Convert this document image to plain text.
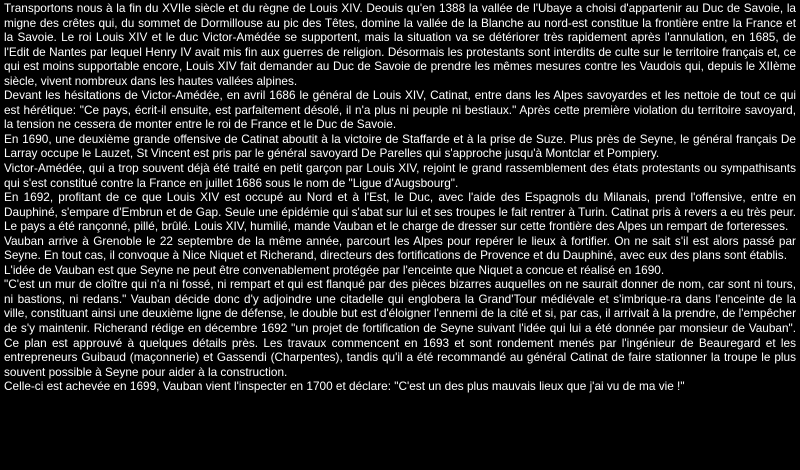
Transportons nous à la fin du XVIIe siècle et du règne de Louis XIV. Deouis qu'en 1388 la vallée de l'Ubaye a choisi d'appartenir au Duc de Savoie, la migne des crêtes qui, du sommet de Dormillouse au pic des Têtes, domine la vallée de la Blanche au nord-est constitue la frontière entre la France et la Savoie. Le roi Louis XIV et le duc Victor-Amédée se supportent, mais la situation va se détériorer très rapidement après l'annulation, en 1685, de l'Edit de Nantes par lequel Henry IV avait mis fin aux guerres de religion. Désormais les protestants sont interdits de culte sur le territoire français et, ce qui est moins supportable encore, Louis XIV fait demander au Duc de Savoie de prendre les mêmes mesures contre les Vaudois qui, depuis le XIIème siècle, vivent nombreux dans les hautes vallées alpines.

Devant les hésitations de Victor-Amédée, en avril 1686 le général de Louis XIV, Catinat, entre dans les Alpes savoyardes et les nettoie de tout ce qui est hérétique: "Ce pays, écrit-il ensuite, est parfaitement désolé, il n'a plus ni peuple ni bestiaux." Après cette première violation du territoire savoyard, la tension ne cessera de monter entre le roi de France et le Duc de Savoie.

En 1690, une deuxième grande offensive de Catinat aboutit à la victoire de Staffarde et à la prise de Suze. Plus près de Seyne, le général français De Larray occupe le Lauzet, St Vincent est pris par le général savoyard De Parelles qui s'approche jusqu'à Montclar et Pompiery.

Victor-Amédée, qui a trop souvent déjà été traité en petit garçon par Louis XIV, rejoint le grand rassemblement des états protestants ou sympathisants qui s'est constitué contre la France en juillet 1686 sous le nom de "Ligue d'Augsbourg".

En 1692, profitant de ce que Louis XIV est occupé au Nord et à l'Est, le Duc, avec l'aide des Espagnols du Milanais, prend l'offensive, entre en Dauphiné, s'empare d'Embrun et de Gap. Seule une épidémie qui s'abat sur lui et ses troupes le fait rentrer à Turin. Catinat pris à revers a eu très peur. Le pays a été rançonné, pillé, brûlé. Louis XIV, humilié, mande Vauban et le charge de dresser sur cette frontière des Alpes un rempart de forteresses.

Vauban arrive à Grenoble le 22 septembre de la même année, parcourt les Alpes pour repérer le lieux à fortifier. On ne sait s'il est alors passé par Seyne. En tout cas, il convoque à Nice Niquet et Richerand, directeurs des fortifications de Provence et du Dauphiné, avec eux des plans sont établis.

L'idée de Vauban est que Seyne ne peut être convenablement protégée par l'enceinte que Niquet a concue et réalisé en 1690.

"C'est un mur de cloître qui n'a ni fossé, ni rempart et qui est flanqué par des pièces bizarres auquelles on ne saurait donner de nom, car sont ni tours, ni bastions, ni redans." Vauban décide donc d'y adjoindre une citadelle qui englobera la Grand'Tour médiévale et s'imbrique-ra dans l'enceinte de la ville, constituant ainsi une deuxième ligne de défense, le double but est d'éloigner l'ennemi de la cité et si, par cas, il arrivait à la prendre, de l'empêcher de s'y maintenir. Richerand rédige en décembre 1692 "un projet de fortification de Seyne suivant l'idée qui lui a été donnée par monsieur de Vauban". Ce plan est approuvé à quelques détails près. Les travaux commencent en 1693 et sont rondement menés par l'ingénieur de Beauregard et les entrepreneurs Guibaud (maçonnerie) et Gassendi (Charpentes), tandis qu'il a été recommandé au général Catinat de faire stationner la troupe le plus souvent possible à Seyne pour aider à la construction.

Celle-ci est achevée en 1699, Vauban vient l'inspecter en 1700 et déclare: "C'est un des plus mauvais lieux que j'ai vu de ma vie !"
